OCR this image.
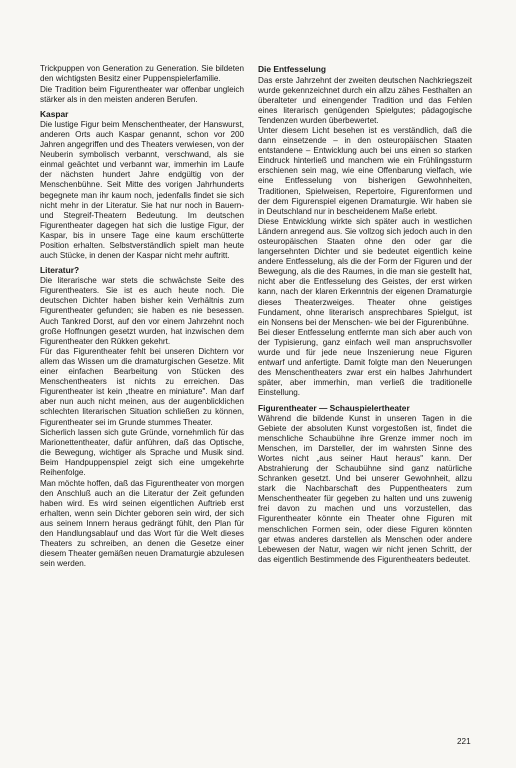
Trickpuppen von Generation zu Generation. Sie bildeten den wichtigsten Besitz einer Puppenspielerfamilie.

Die Tradition beim Figurentheater war offenbar ungleich stärker als in den meisten anderen Berufen.

Kaspar

Die lustige Figur beim Menschentheater, der Hanswurst, anderen Orts auch Kaspar genannt, schon vor 200 Jahren angegriffen und des Theaters verwiesen, von der Neuberin symbolisch verbannt, verschwand, als sie einmal geächtet und verbannt war, immerhin im Laufe der nächsten hundert Jahre endgültig von der Menschenbühne. Seit Mitte des vorigen Jahrhunderts begegnete man ihr kaum noch, jedenfalls findet sie sich nicht mehr in der Literatur. Sie hat nur noch in Bauern- und Stegreif-Theatern Bedeutung. Im deutschen Figurentheater dagegen hat sich die lustige Figur, der Kaspar, bis in unsere Tage eine kaum erschütterte Position erhalten. Selbstverständlich spielt man heute auch Stücke, in denen der Kaspar nicht mehr auftritt.

Literatur?

Die literarische war stets die schwächste Seite des Figurentheaters. Sie ist es auch heute noch. Die deutschen Dichter haben bisher kein Verhältnis zum Figurentheater gefunden; sie haben es nie besessen. Auch Tankred Dorst, auf den vor einem Jahrzehnt noch große Hoffnungen gesetzt wurden, hat inzwischen dem Figurentheater den Rükken gekehrt.

Für das Figurentheater fehlt bei unseren Dichtern vor allem das Wissen um die dramaturgischen Gesetze. Mit einer einfachen Bearbeitung von Stücken des Menschentheaters ist nichts zu erreichen. Das Figurentheater ist kein „theatre en miniature". Man darf aber nun auch nicht meinen, aus der augenblicklichen schlechten literarischen Situation schließen zu können, Figurentheater sei im Grunde stummes Theater.

Sicherlich lassen sich gute Gründe, vornehmlich für das Marionettentheater, dafür anführen, daß das Optische, die Bewegung, wichtiger als Sprache und Musik sind. Beim Handpuppenspiel zeigt sich eine umgekehrte Reihenfolge.

Man möchte hoffen, daß das Figurentheater von morgen den Anschluß auch an die Literatur der Zeit gefunden haben wird. Es wird seinen eigentlichen Auftrieb erst erhalten, wenn sein Dichter geboren sein wird, der sich aus seinem Innern heraus gedrängt fühlt, den Plan für den Handlungsablauf und das Wort für die Welt dieses Theaters zu schreiben, an denen die Gesetze einer diesem Theater gemäßen neuen Dramaturgie abzulesen sein werden.

Die Entfesselung

Das erste Jahrzehnt der zweiten deutschen Nachkriegszeit wurde gekennzeichnet durch ein allzu zähes Festhalten an überalteter und einengender Tradition und das Fehlen eines literarisch genügenden Spielgutes; pädagogische Tendenzen wurden überbewertet.

Unter diesem Licht besehen ist es verständlich, daß die dann einsetzende – in den osteuropäischen Staaten entstandene – Entwicklung auch bei uns einen so starken Eindruck hinterließ und manchem wie ein Frühlingssturm erschienen sein mag, wie eine Offenbarung vielfach, wie eine Entfesselung von bisherigen Gewohnheiten, Traditionen, Spielweisen, Repertoire, Figurenformen und der dem Figurenspiel eigenen Dramaturgie. Wir haben sie in Deutschland nur in bescheidenem Maße erlebt.

Diese Entwicklung wirkte sich später auch in westlichen Ländern anregend aus. Sie vollzog sich jedoch auch in den osteuropäischen Staaten ohne den oder gar die langersehnten Dichter und sie bedeutet eigentlich keine andere Entfesselung, als die der Form der Figuren und der Bewegung, als die des Raumes, in die man sie gestellt hat, nicht aber die Entfesselung des Geistes, der erst wirken kann, nach der klaren Erkenntnis der eigenen Dramaturgie dieses Theaterzweiges. Theater ohne geistiges Fundament, ohne literarisch ansprechbares Spielgut, ist ein Nonsens bei der Menschen- wie bei der Figurenbühne.

Bei dieser Entfesselung entfernte man sich aber auch von der Typisierung, ganz einfach weil man anspruchsvoller wurde und für jede neue Inszenierung neue Figuren entwarf und anfertigte. Damit folgte man den Neuerungen des Menschentheaters zwar erst ein halbes Jahrhundert später, aber immerhin, man verließ die traditionelle Einstellung.

Figurentheater — Schauspielertheater

Während die bildende Kunst in unseren Tagen in die Gebiete der absoluten Kunst vorgestoßen ist, findet die menschliche Schaubühne ihre Grenze immer noch im Menschen, im Darsteller, der im wahrsten Sinne des Wortes nicht „aus seiner Haut heraus" kann. Der Abstrahierung der Schaubühne sind ganz natürliche Schranken gesetzt. Und bei unserer Gewohnheit, allzu stark die Nachbarschaft des Puppentheaters zum Menschentheater für gegeben zu halten und uns zuwenig frei davon zu machen und uns vorzustellen, das Figurentheater könnte ein Theater ohne Figuren mit menschlichen Formen sein, oder diese Figuren könnten gar etwas anderes darstellen als Menschen oder andere Lebewesen der Natur, wagen wir nicht jenen Schritt, der das eigentlich Bestimmende des Figurentheaters bedeutet.

221
